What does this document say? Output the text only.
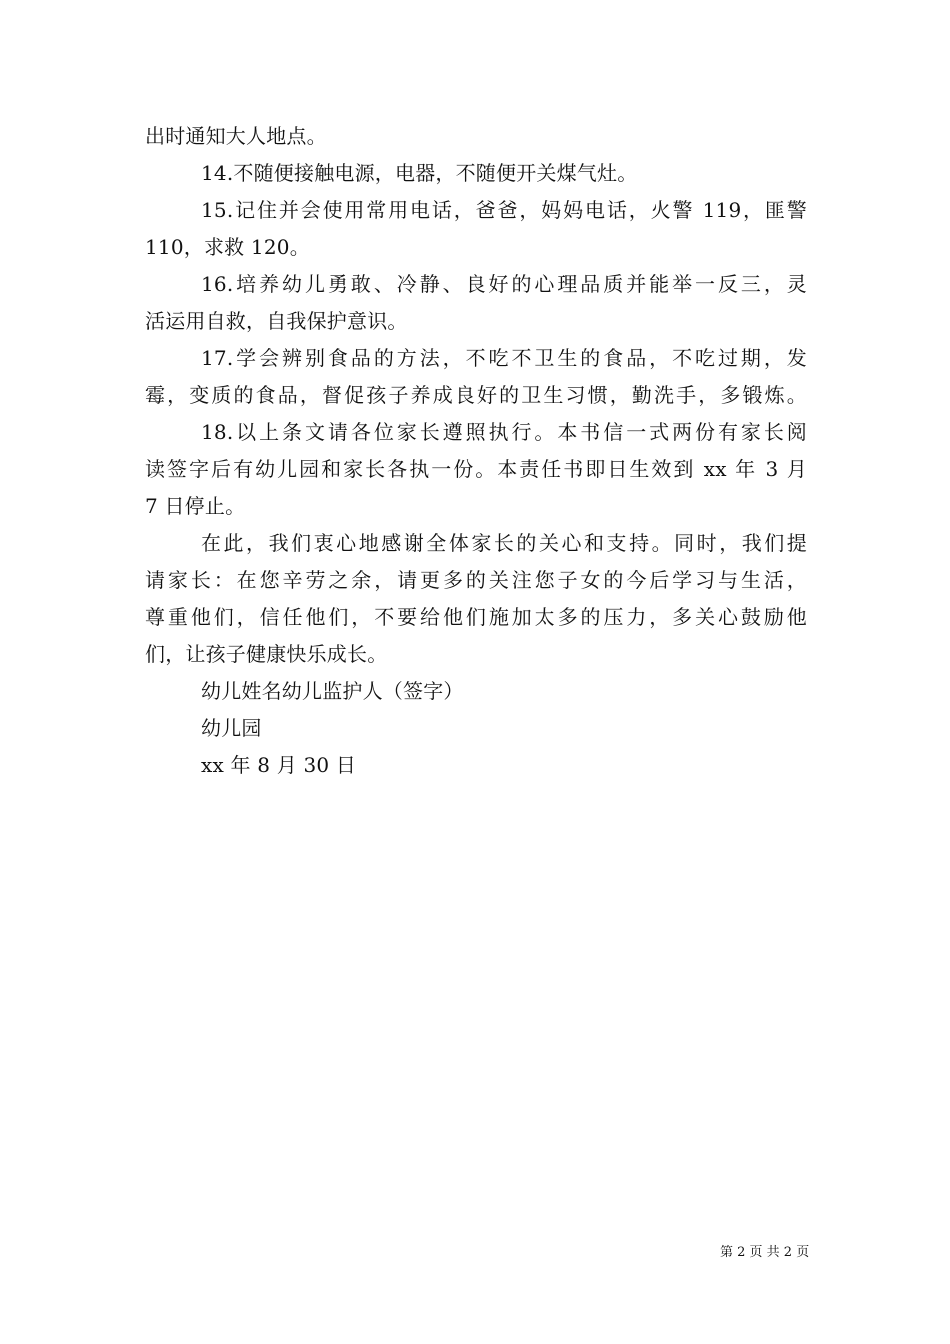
出时通知大人地点。
14.不随便接触电源，电器，不随便开关煤气灶。
15.记住并会使用常用电话，爸爸，妈妈电话，火警 119，匪警
110，求救 120。
16.培养幼儿勇敢、冷静、良好的心理品质并能举一反三，灵
活运用自救，自我保护意识。
17.学会辨别食品的方法，不吃不卫生的食品，不吃过期，发
霉，变质的食品，督促孩子养成良好的卫生习惯，勤洗手，多锻炼。
18.以上条文请各位家长遵照执行。本书信一式两份有家长阅
读签字后有幼儿园和家长各执一份。本责任书即日生效到 xx 年 3 月
7 日停止。
在此，我们衷心地感谢全体家长的关心和支持。同时，我们提
请家长：在您辛劳之余，请更多的关注您子女的今后学习与生活，
尊重他们，信任他们，不要给他们施加太多的压力，多关心鼓励他
们，让孩子健康快乐成长。
幼儿姓名幼儿监护人（签字）
幼儿园
xx 年 8 月 30 日
第 2 页 共 2 页
